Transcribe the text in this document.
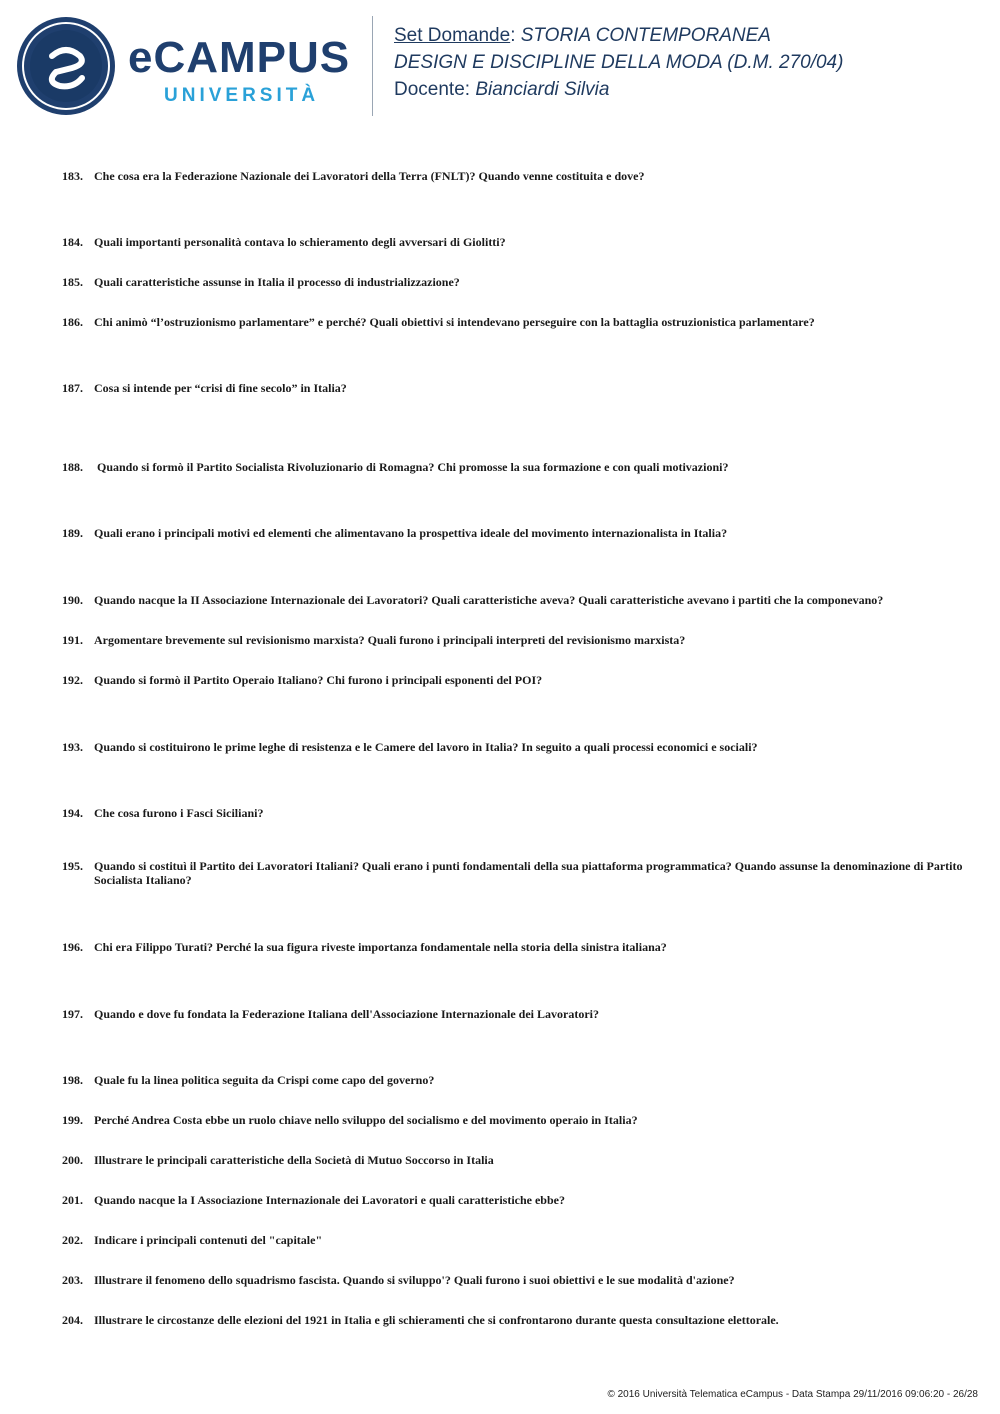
eCAMPUS
UNIVERSITÀ
Set Domande: STORIA CONTEMPORANEA
DESIGN E DISCIPLINE DELLA MODA (D.M. 270/04)
Docente: Bianciardi Silvia
183. Che cosa era la Federazione Nazionale dei Lavoratori della Terra (FNLT)? Quando venne costituita e dove?
184. Quali importanti personalità contava lo schieramento degli avversari di Giolitti?
185. Quali caratteristiche assunse in Italia il processo di industrializzazione?
186. Chi animò “l’ostruzionismo parlamentare” e perché? Quali obiettivi si intendevano perseguire con la battaglia ostruzionistica parlamentare?
187. Cosa si intende per “crisi di fine secolo” in Italia?
188. Quando si formò il Partito Socialista Rivoluzionario di Romagna? Chi promosse la sua formazione e con quali motivazioni?
189. Quali erano i principali motivi ed elementi che alimentavano la prospettiva ideale del movimento internazionalista in Italia?
190. Quando nacque la II Associazione Internazionale dei Lavoratori? Quali caratteristiche aveva? Quali caratteristiche avevano i partiti che la componevano?
191. Argomentare brevemente sul revisionismo marxista? Quali furono i principali interpreti del revisionismo marxista?
192. Quando si formò il Partito Operaio Italiano? Chi furono i principali esponenti del POI?
193. Quando si costituirono le prime leghe di resistenza e le Camere del lavoro in Italia? In seguito a quali processi economici e sociali?
194. Che cosa furono i Fasci Siciliani?
195. Quando si costituì il Partito dei Lavoratori Italiani? Quali erano i punti fondamentali della sua piattaforma programmatica? Quando assunse la denominazione di Partito Socialista Italiano?
196. Chi era Filippo Turati? Perché la sua figura riveste importanza fondamentale nella storia della sinistra italiana?
197. Quando e dove fu fondata la Federazione Italiana dell'Associazione Internazionale dei Lavoratori?
198. Quale fu la linea politica seguita da Crispi come capo del governo?
199. Perché Andrea Costa ebbe un ruolo chiave nello sviluppo del socialismo e del movimento operaio in Italia?
200. Illustrare le principali caratteristiche della Società di Mutuo Soccorso in Italia
201. Quando nacque la I Associazione Internazionale dei Lavoratori e quali caratteristiche ebbe?
202. Indicare i principali contenuti del "capitale"
203. Illustrare il fenomeno dello squadrismo fascista. Quando si sviluppo'? Quali furono i suoi obiettivi e le sue modalità d'azione?
204. Illustrare le circostanze delle elezioni del 1921 in Italia e gli schieramenti che si confrontarono durante questa consultazione elettorale.
© 2016 Università Telematica eCampus - Data Stampa 29/11/2016 09:06:20 - 26/28
